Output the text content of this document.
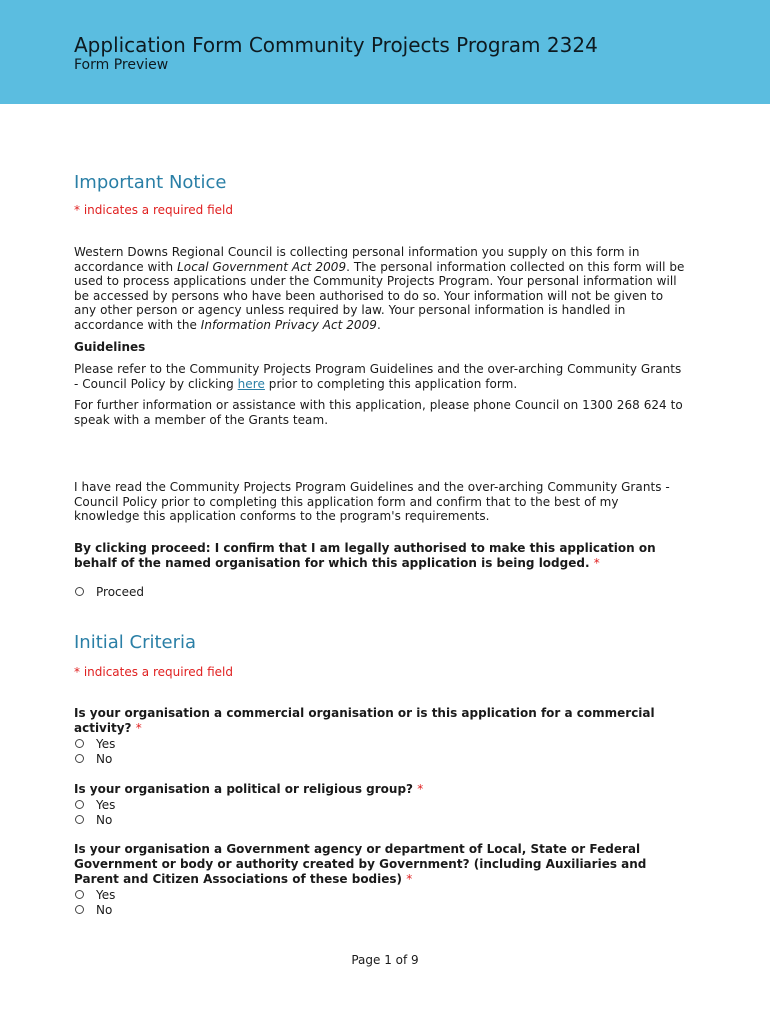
Application Form Community Projects Program 2324
Form Preview
Important Notice
* indicates a required field
Western Downs Regional Council is collecting personal information you supply on this form in accordance with Local Government Act 2009. The personal information collected on this form will be used to process applications under the Community Projects Program. Your personal information will be accessed by persons who have been authorised to do so. Your information will not be given to any other person or agency unless required by law. Your personal information is handled in accordance with the Information Privacy Act 2009.
Guidelines
Please refer to the Community Projects Program Guidelines and the over-arching Community Grants - Council Policy by clicking here prior to completing this application form.
For further information or assistance with this application, please phone Council on 1300 268 624 to speak with a member of the Grants team.
I have read the Community Projects Program Guidelines and the over-arching Community Grants - Council Policy prior to completing this application form and confirm that to the best of my knowledge this application conforms to the program's requirements.
By clicking proceed: I confirm that I am legally authorised to make this application on behalf of the named organisation for which this application is being lodged. *
Proceed
Initial Criteria
* indicates a required field
Is your organisation a commercial organisation or is this application for a commercial activity? *
Yes
No
Is your organisation a political or religious group? *
Yes
No
Is your organisation a Government agency or department of Local, State or Federal Government or body or authority created by Government? (including Auxiliaries and Parent and Citizen Associations of these bodies) *
Yes
No
Page 1 of 9
